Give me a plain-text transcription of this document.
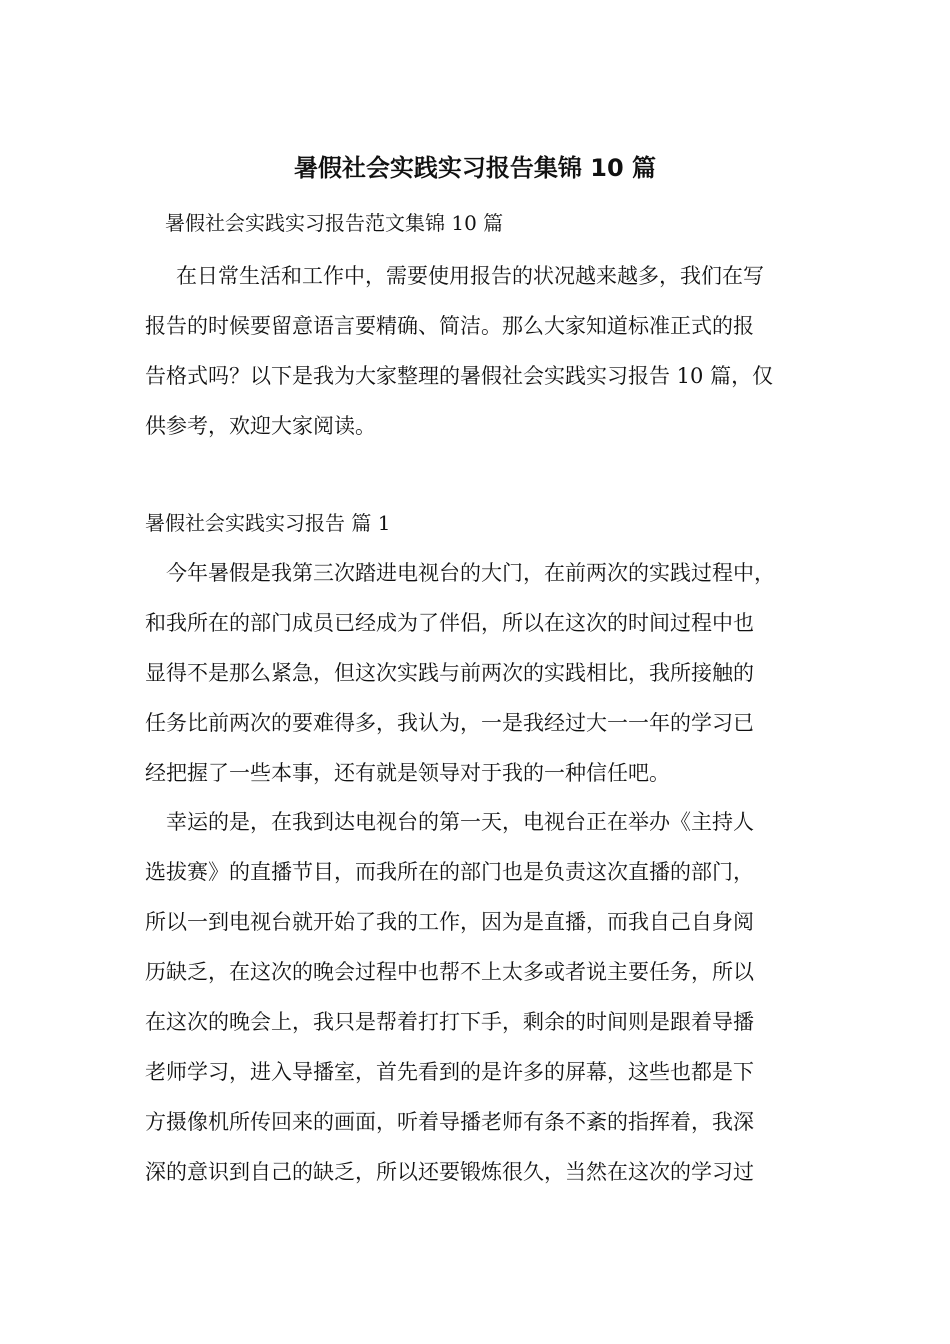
暑假社会实践实习报告集锦 10 篇

暑假社会实践实习报告范文集锦 10 篇

在日常生活和工作中，需要使用报告的状况越来越多，我们在写
报告的时候要留意语言要精确、简洁。那么大家知道标准正式的报
告格式吗？以下是我为大家整理的暑假社会实践实习报告 10 篇，仅
供参考，欢迎大家阅读。

暑假社会实践实习报告 篇 1

今年暑假是我第三次踏进电视台的大门，在前两次的实践过程中，
和我所在的部门成员已经成为了伴侣，所以在这次的时间过程中也
显得不是那么紧急，但这次实践与前两次的实践相比，我所接触的
任务比前两次的要难得多，我认为，一是我经过大一一年的学习已
经把握了一些本事，还有就是领导对于我的一种信任吧。
幸运的是，在我到达电视台的第一天，电视台正在举办《主持人
选拔赛》的直播节目，而我所在的部门也是负责这次直播的部门，
所以一到电视台就开始了我的工作，因为是直播，而我自己自身阅
历缺乏，在这次的晚会过程中也帮不上太多或者说主要任务，所以
在这次的晚会上，我只是帮着打打下手，剩余的时间则是跟着导播
老师学习，进入导播室，首先看到的是许多的屏幕，这些也都是下
方摄像机所传回来的画面，听着导播老师有条不紊的指挥着，我深
深的意识到自己的缺乏，所以还要锻炼很久，当然在这次的学习过
